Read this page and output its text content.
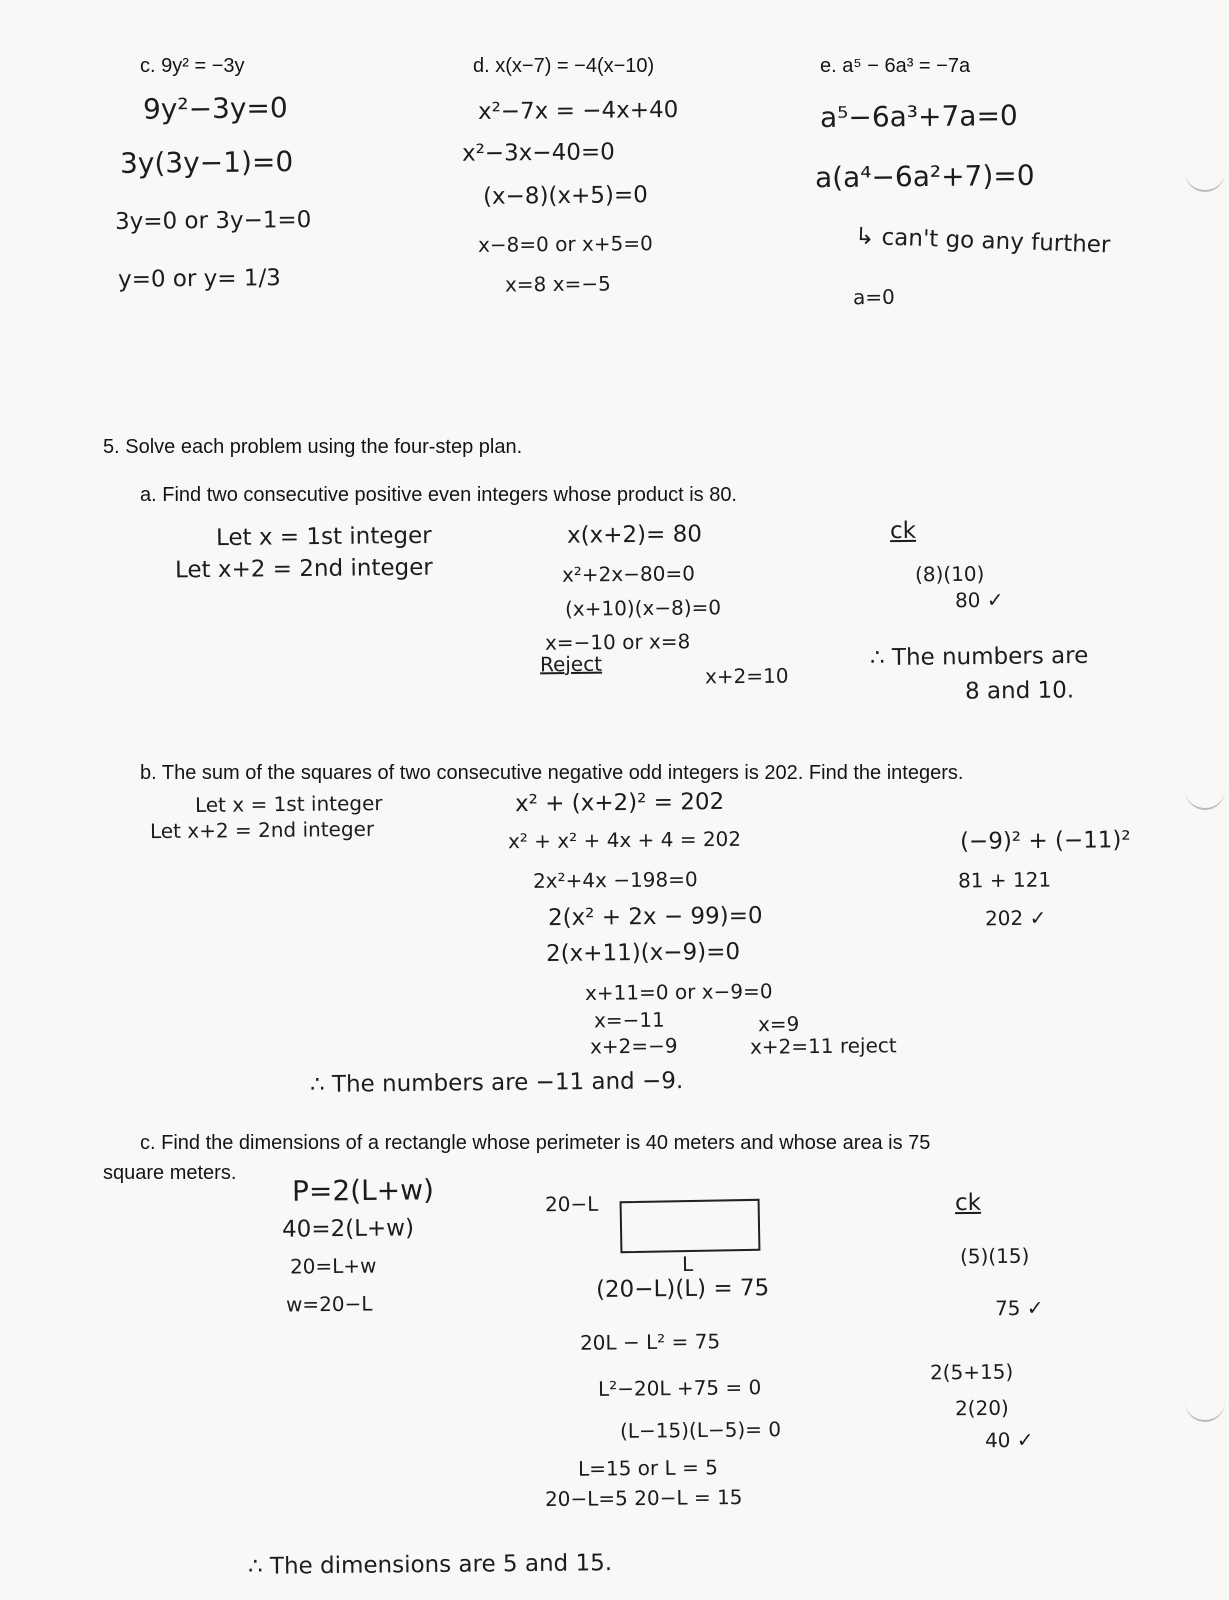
c. 9y² = −3y
9y²−3y=0
3y(3y−1)=0
3y=0 or 3y−1=0
y=0 or y= 1/3
d. x(x−7) = −4(x−10)
x²−7x = −4x+40
x²−3x−40=0
(x−8)(x+5)=0
x−8=0 or x+5=0
x=8 x=−5
e. a⁵ − 6a³ = −7a
a⁵−6a³+7a=0
a(a⁴−6a²+7)=0
↳ can't go any further
a=0
5. Solve each problem using the four-step plan.
a. Find two consecutive positive even integers whose product is 80.
Let x = 1st integer
Let x+2 = 2nd integer
x(x+2)= 80
x²+2x−80=0
(x+10)(x−8)=0
x=−10 or x=8
Reject	x+2=10
ck
(8)(10)
80 ✓
∴ The numbers are
8 and 10.
b. The sum of the squares of two consecutive negative odd integers is 202. Find the integers.
Let x = 1st integer
Let x+2 = 2nd integer
x² + (x+2)² = 202
x² + x² + 4x + 4 = 202
2x²+4x −198=0
2(x² + 2x − 99)=0
2(x+11)(x−9)=0
x+11=0 or x−9=0
x=−11
x+2=−9
x=9
x+2=11 reject
(−9)² + (−11)²
81 + 121
202 ✓
∴ The numbers are −11 and −9.
c. Find the dimensions of a rectangle whose perimeter is 40 meters and whose area is 75
square meters.
P=2(L+w)
40=2(L+w)
20=L+w
w=20−L
20−L
L
(20−L)(L) = 75
20L − L² = 75
L²−20L +75 = 0
(L−15)(L−5)= 0
L=15 or L = 5
20−L=5 20−L = 15
ck
(5)(15)
75 ✓
2(5+15)
2(20)
40 ✓
∴ The dimensions are 5 and 15.
